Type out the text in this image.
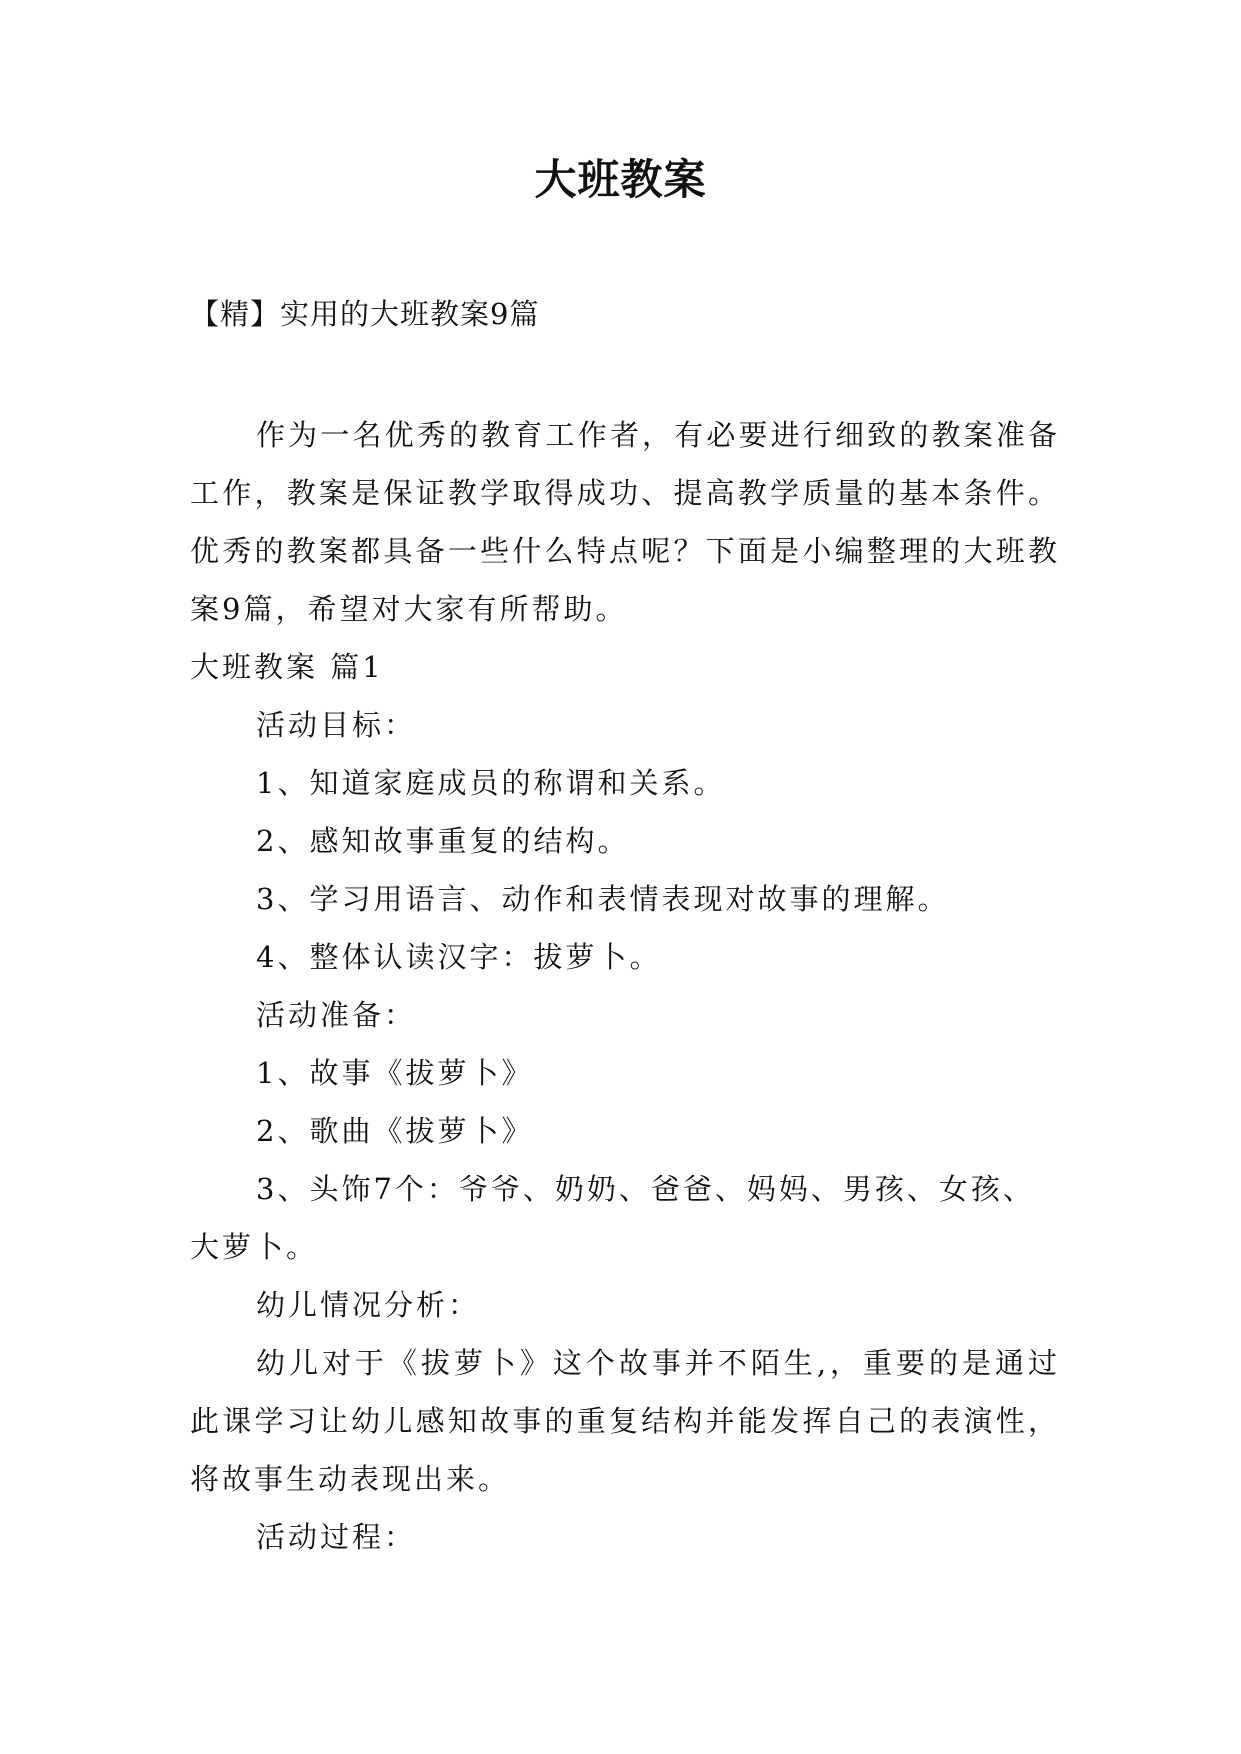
大班教案
【精】实用的大班教案9篇

作为一名优秀的教育工作者，有必要进行细致的教案准备工作，教案是保证教学取得成功、提高教学质量的基本条件。优秀的教案都具备一些什么特点呢？下面是小编整理的大班教案9篇，希望对大家有所帮助。

大班教案 篇1

活动目标：

1、知道家庭成员的称谓和关系。

2、感知故事重复的结构。

3、学习用语言、动作和表情表现对故事的理解。

4、整体认读汉字：拔萝卜。

活动准备：

1、故事《拔萝卜》

2、歌曲《拔萝卜》

3、头饰7个：爷爷、奶奶、爸爸、妈妈、男孩、女孩、大萝卜。

幼儿情况分析：

幼儿对于《拔萝卜》这个故事并不陌生,，重要的是通过此课学习让幼儿感知故事的重复结构并能发挥自己的表演性，将故事生动表现出来。

活动过程：
